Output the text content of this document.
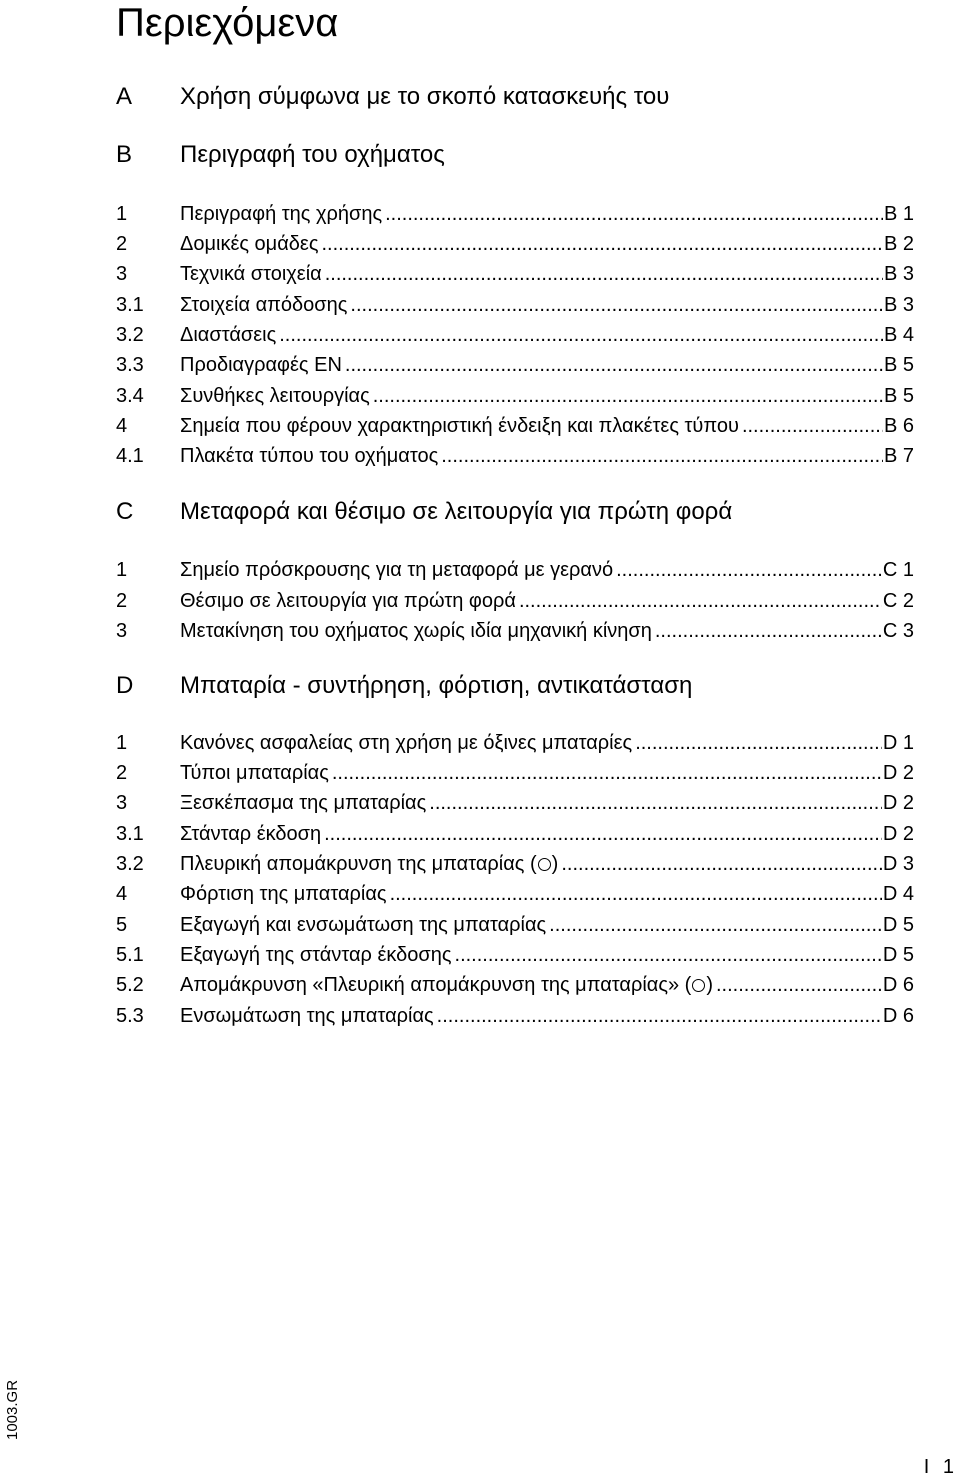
Περιεχόμενα
A Χρήση σύμφωνα με το σκοπό κατασκευής του
B Περιγραφή του οχήματος
1	Περιγραφή της χρήσης .....	B 1
2	Δομικές ομάδες .....	B 2
3	Τεχνικά στοιχεία .....	B 3
3.1 Στοιχεία απόδοσης .....	B 3
3.2 Διαστάσεις .....	B 4
3.3 Προδιαγραφές EN .....	B 5
3.4 Συνθήκες λειτουργίας .....	B 5
4	Σημεία που φέρουν χαρακτηριστική ένδειξη και πλακέτες τύπου .....	B 6
4.1 Πλακέτα τύπου του οχήματος .....	B 7
C Μεταφορά και θέσιμο σε λειτουργία για πρώτη φορά
1	Σημείο πρόσκρουσης για τη μεταφορά με γερανό .....	C 1
2	Θέσιμο σε λειτουργία για πρώτη φορά .....	C 2
3	Μετακίνηση του οχήματος χωρίς ιδία μηχανική κίνηση .....	C 3
D Μπαταρία - συντήρηση, φόρτιση, αντικατάσταση
1	Κανόνες ασφαλείας στη χρήση με όξινες μπαταρίες .....	D 1
2	Τύποι μπαταρίας .....	D 2
3	Ξεσκέπασμα της μπαταρίας .....	D 2
3.1 Στάνταρ έκδοση .....	D 2
3.2 Πλευρική απομάκρυνση της μπαταρίας ( ) .....	D 3
4	Φόρτιση της μπαταρίας .....	D 4
5	Εξαγωγή και ενσωμάτωση της μπαταρίας .....	D 5
5.1 Εξαγωγή της στάνταρ έκδοσης .....	D 5
5.2 Απομάκρυνση «Πλευρική απομάκρυνση της μπαταρίας» ( ) .....	D 6
5.3 Ενσωμάτωση της μπαταρίας .....	D 6
1003.GR
I 1
